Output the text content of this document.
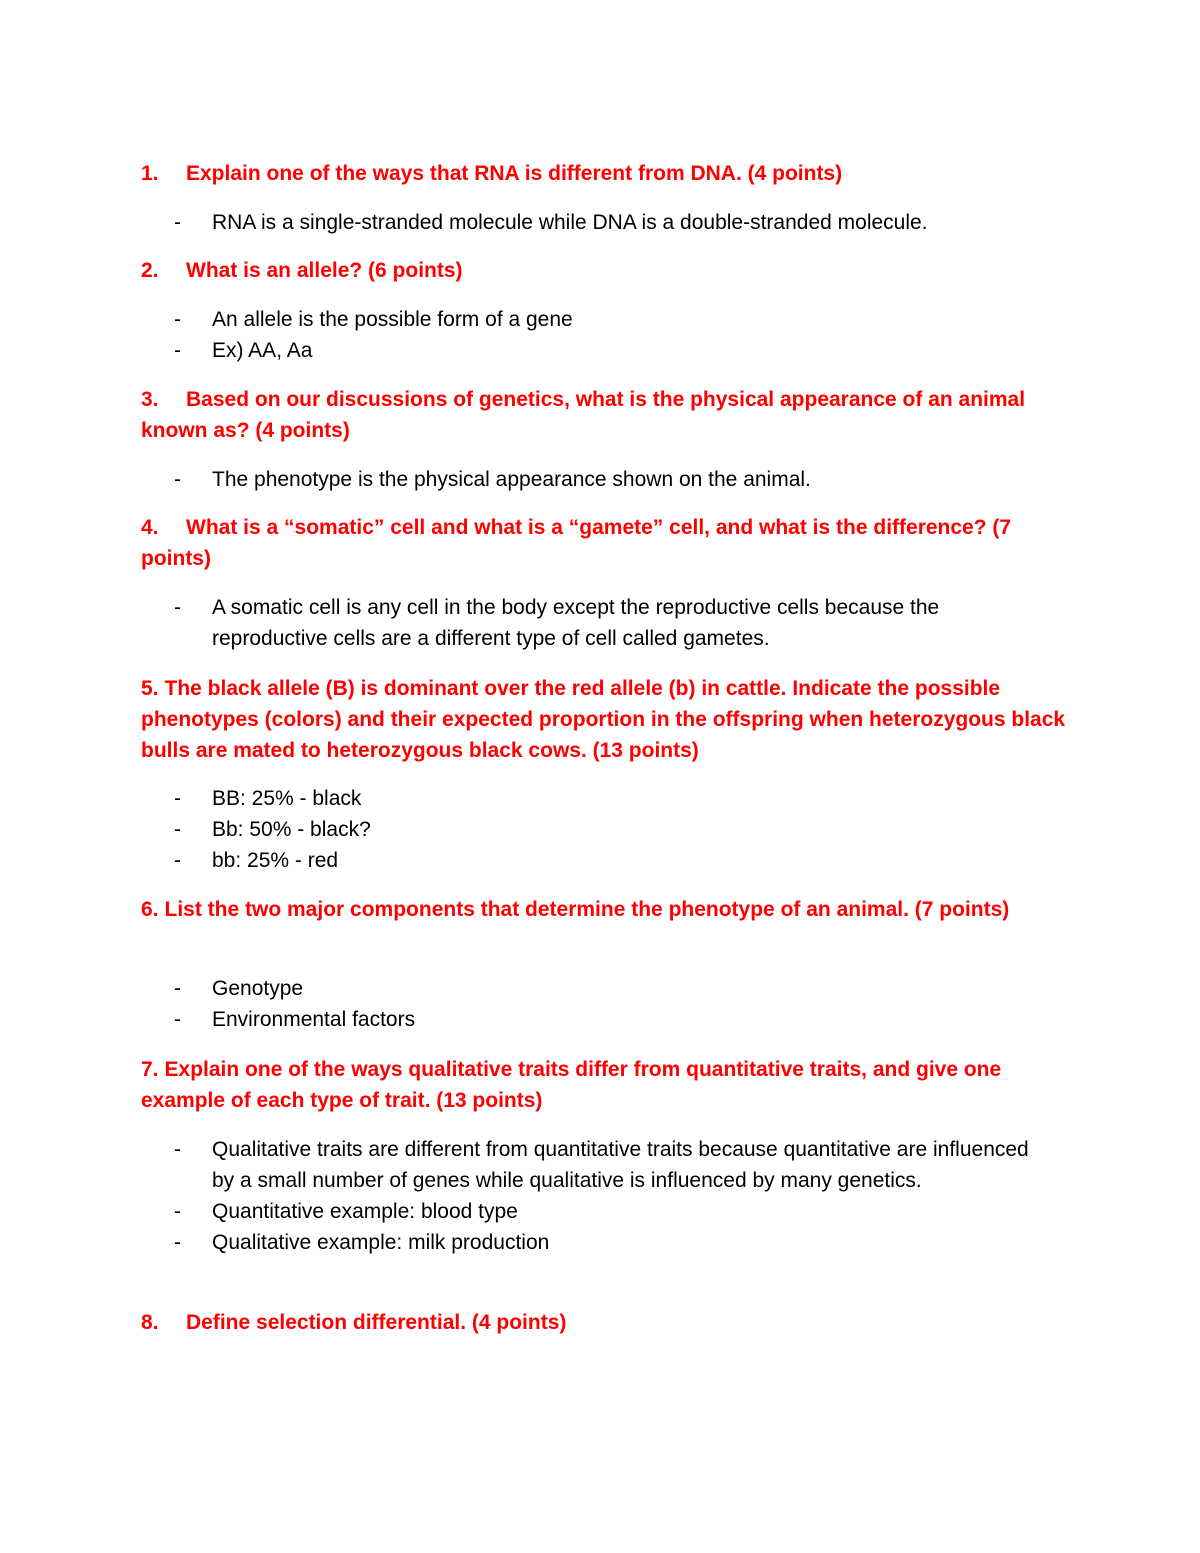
1. Explain one of the ways that RNA is different from DNA. (4 points)

- RNA is a single-stranded molecule while DNA is a double-stranded molecule.

2. What is an allele? (6 points)

- An allele is the possible form of a gene
- Ex) AA, Aa

3. Based on our discussions of genetics, what is the physical appearance of an animal known as? (4 points)

- The phenotype is the physical appearance shown on the animal.

4. What is a “somatic” cell and what is a “gamete” cell, and what is the difference? (7 points)

- A somatic cell is any cell in the body except the reproductive cells because the reproductive cells are a different type of cell called gametes.

5. The black allele (B) is dominant over the red allele (b) in cattle. Indicate the possible phenotypes (colors) and their expected proportion in the offspring when heterozygous black bulls are mated to heterozygous black cows. (13 points)

- BB: 25% - black
- Bb: 50% - black?
- bb: 25% - red

6. List the two major components that determine the phenotype of an animal. (7 points)

- Genotype
- Environmental factors

7. Explain one of the ways qualitative traits differ from quantitative traits, and give one example of each type of trait. (13 points)

- Qualitative traits are different from quantitative traits because quantitative are influenced by a small number of genes while qualitative is influenced by many genetics.
- Quantitative example: blood type
- Qualitative example: milk production

8. Define selection differential. (4 points)
